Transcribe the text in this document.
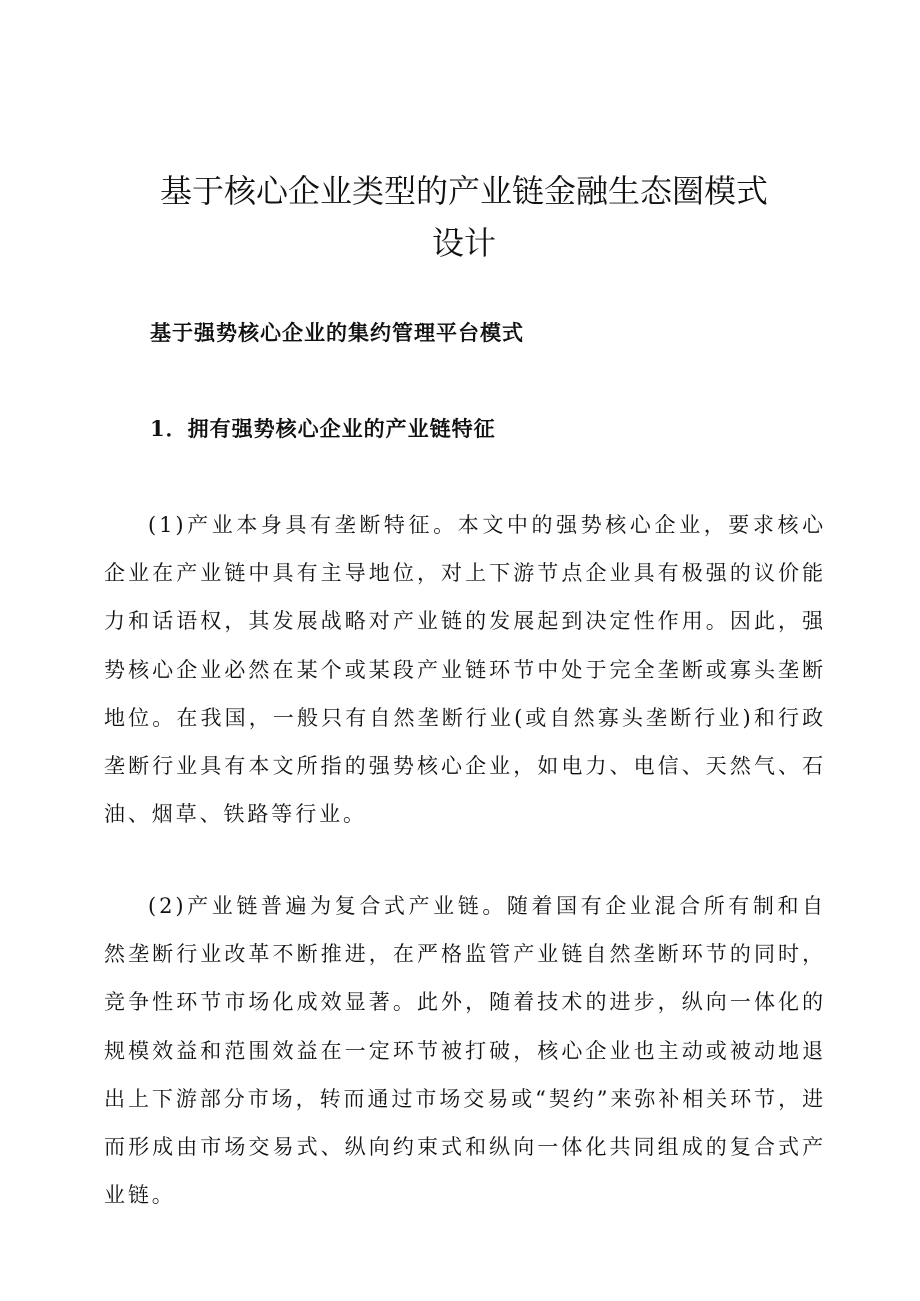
基于核心企业类型的产业链金融生态圈模式设计
基于强势核心企业的集约管理平台模式
1．拥有强势核心企业的产业链特征

(1)产业本身具有垄断特征。本文中的强势核心企业，要求核心企业在产业链中具有主导地位，对上下游节点企业具有极强的议价能力和话语权，其发展战略对产业链的发展起到决定性作用。因此，强势核心企业必然在某个或某段产业链环节中处于完全垄断或寡头垄断地位。在我国，一般只有自然垄断行业(或自然寡头垄断行业)和行政垄断行业具有本文所指的强势核心企业，如电力、电信、天然气、石油、烟草、铁路等行业。

(2)产业链普遍为复合式产业链。随着国有企业混合所有制和自然垄断行业改革不断推进，在严格监管产业链自然垄断环节的同时，竞争性环节市场化成效显著。此外，随着技术的进步，纵向一体化的规模效益和范围效益在一定环节被打破，核心企业也主动或被动地退出上下游部分市场，转而通过市场交易或“契约”来弥补相关环节，进而形成由市场交易式、纵向约束式和纵向一体化共同组成的复合式产业链。
